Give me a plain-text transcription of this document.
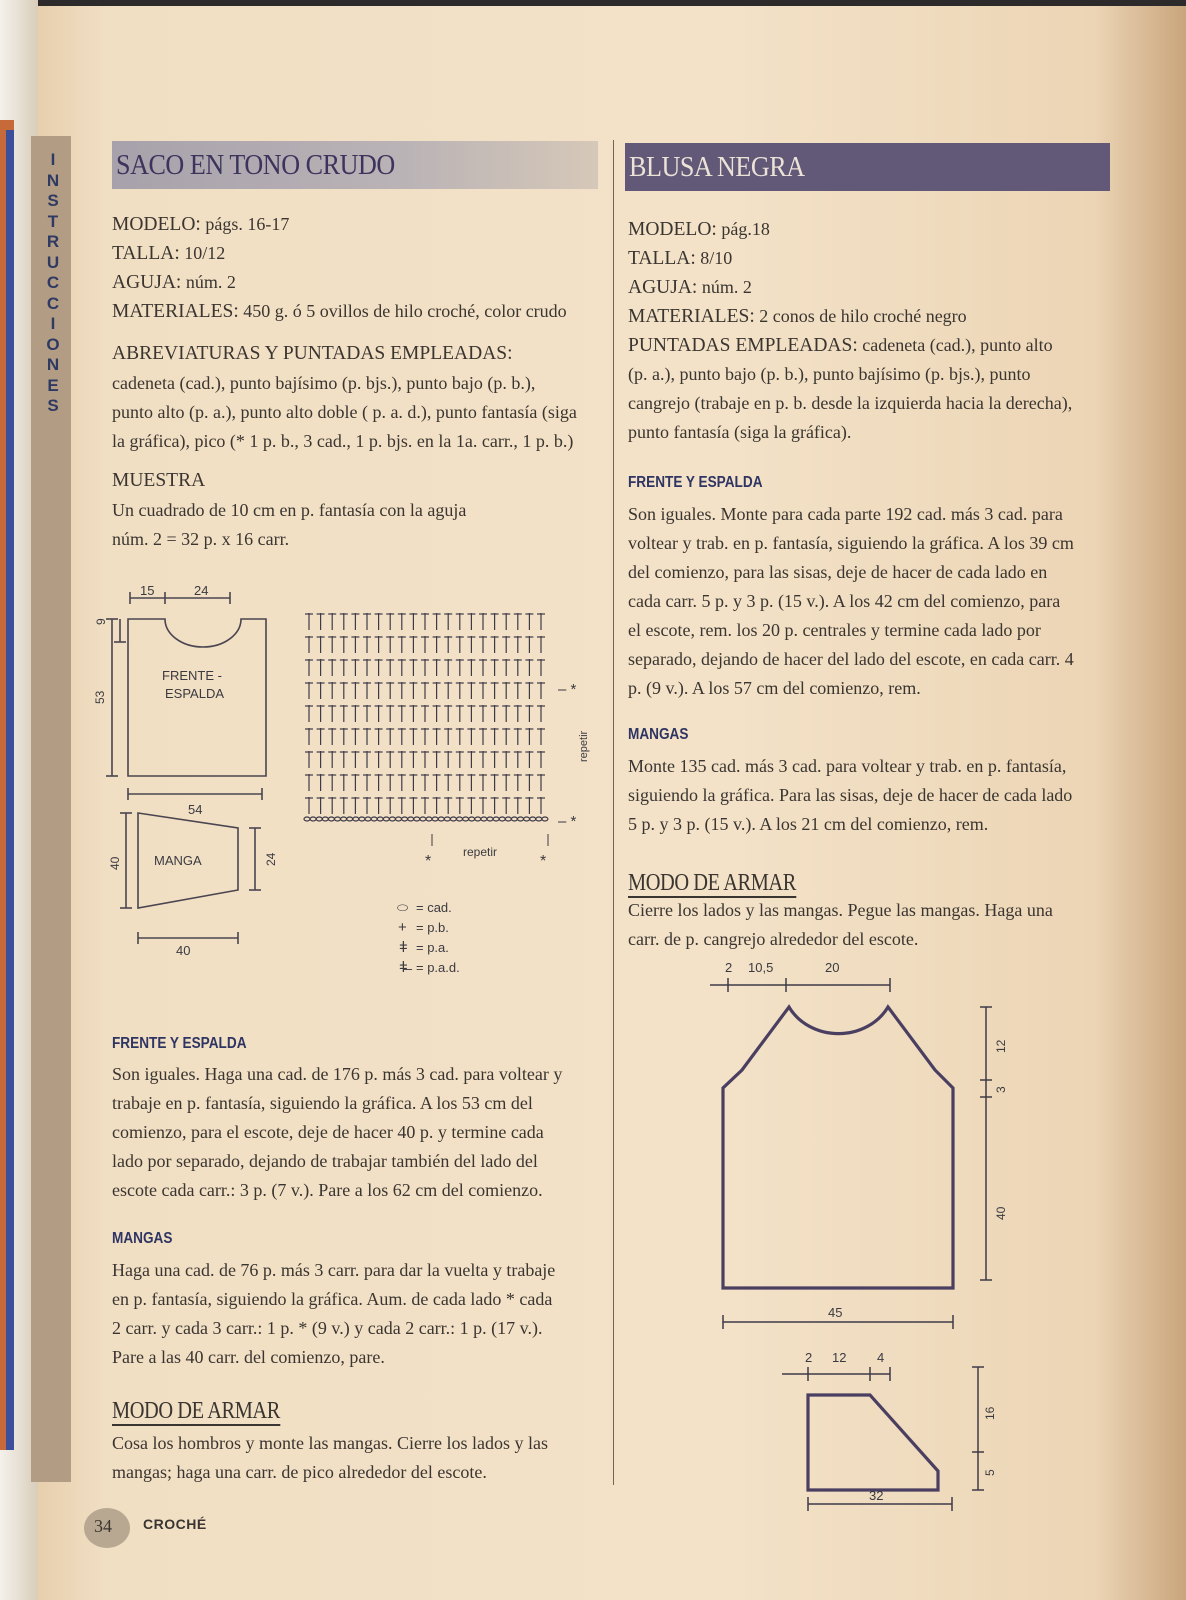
I
N
S
T
R
U
C
C
I
O
N
E
S
SACO EN TONO CRUDO
MODELO: págs. 16-17
TALLA: 10/12
AGUJA: núm. 2
MATERIALES: 450 g. ó 5 ovillos de hilo croché, color crudo
ABREVIATURAS Y PUNTADAS EMPLEADAS:
cadeneta (cad.), punto bajísimo (p. bjs.), punto bajo (p. b.),
punto alto (p. a.), punto alto doble ( p. a. d.), punto fantasía (siga
la gráfica), pico (* 1 p. b., 3 cad., 1 p. bjs. en la 1a. carr., 1 p. b.)
MUESTRA
Un cuadrado de 10 cm en p. fantasía con la aguja
núm. 2 = 32 p. x 16 carr.
15	24
9
53
FRENTE -
ESPALDA
54
40 MANGA	24
40
– *
– *
repetir
*
repetir
*
⬭ = cad.
+ = p.b.
ǂ = p.a.
ǂ̶ = p.a.d.
FRENTE Y ESPALDA
Son iguales. Haga una cad. de 176 p. más 3 cad. para voltear y
trabaje en p. fantasía, siguiendo la gráfica. A los 53 cm del
comienzo, para el escote, deje de hacer 40 p. y termine cada
lado por separado, dejando de trabajar también del lado del
escote cada carr.: 3 p. (7 v.). Pare a los 62 cm del comienzo.
MANGAS
Haga una cad. de 76 p. más 3 carr. para dar la vuelta y trabaje
en p. fantasía, siguiendo la gráfica. Aum. de cada lado * cada
2 carr. y cada 3 carr.: 1 p. * (9 v.) y cada 2 carr.: 1 p. (17 v.).
Pare a las 40 carr. del comienzo, pare.
MODO DE ARMAR
Cosa los hombros y monte las mangas. Cierre los lados y las
mangas; haga una carr. de pico alrededor del escote.
BLUSA NEGRA
MODELO: pág.18
TALLA: 8/10
AGUJA: núm. 2
MATERIALES: 2 conos de hilo croché negro
PUNTADAS EMPLEADAS: cadeneta (cad.), punto alto
(p. a.), punto bajo (p. b.), punto bajísimo (p. bjs.), punto
cangrejo (trabaje en p. b. desde la izquierda hacia la derecha),
punto fantasía (siga la gráfica).
FRENTE Y ESPALDA
Son iguales. Monte para cada parte 192 cad. más 3 cad. para
voltear y trab. en p. fantasía, siguiendo la gráfica. A los 39 cm
del comienzo, para las sisas, deje de hacer de cada lado en
cada carr. 5 p. y 3 p. (15 v.). A los 42 cm del comienzo, para
el escote, rem. los 20 p. centrales y termine cada lado por
separado, dejando de hacer del lado del escote, en cada carr. 4
p. (9 v.). A los 57 cm del comienzo, rem.
MANGAS
Monte 135 cad. más 3 cad. para voltear y trab. en p. fantasía,
siguiendo la gráfica. Para las sisas, deje de hacer de cada lado
5 p. y 3 p. (15 v.). A los 21 cm del comienzo, rem.
MODO DE ARMAR
Cierre los lados y las mangas. Pegue las mangas. Haga una
carr. de p. cangrejo alrededor del escote.
2 10,5	20
12
3
40
45
2 12 4
16
5
32
34 CROCHÉ
